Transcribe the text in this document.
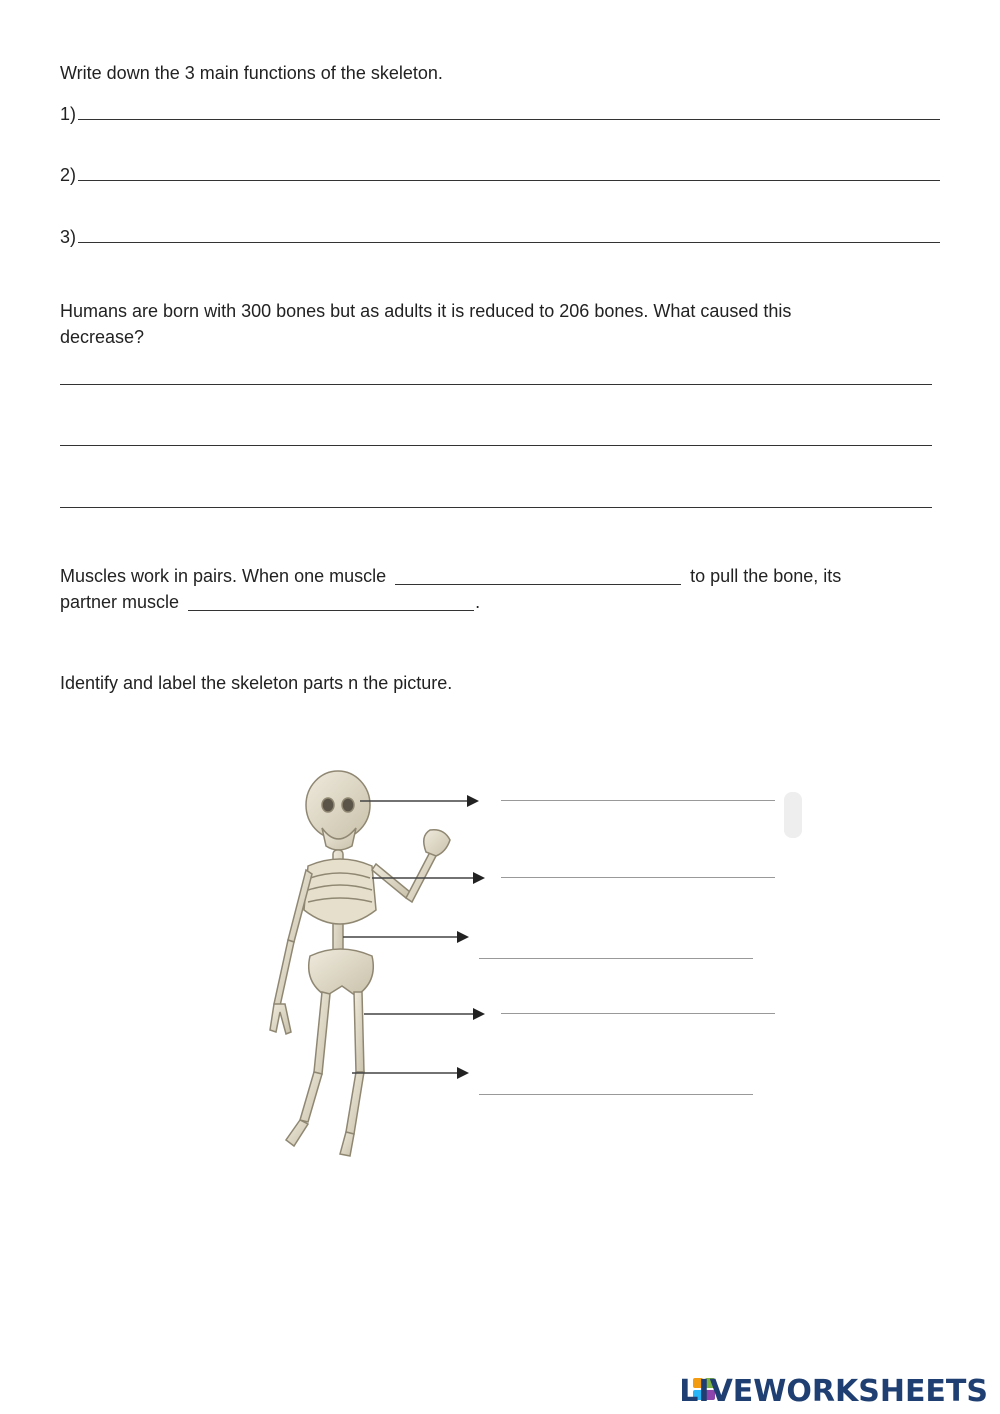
Write down the 3 main functions of the skeleton.
1)
2)
3)
Humans are born with 300 bones but as adults it is reduced to 206 bones. What caused this
decrease?
Muscles work in pairs. When one muscle	to pull the bone, its
partner muscle	.
Identify and label the skeleton parts n the picture.
LIVEWORKSHEETS
